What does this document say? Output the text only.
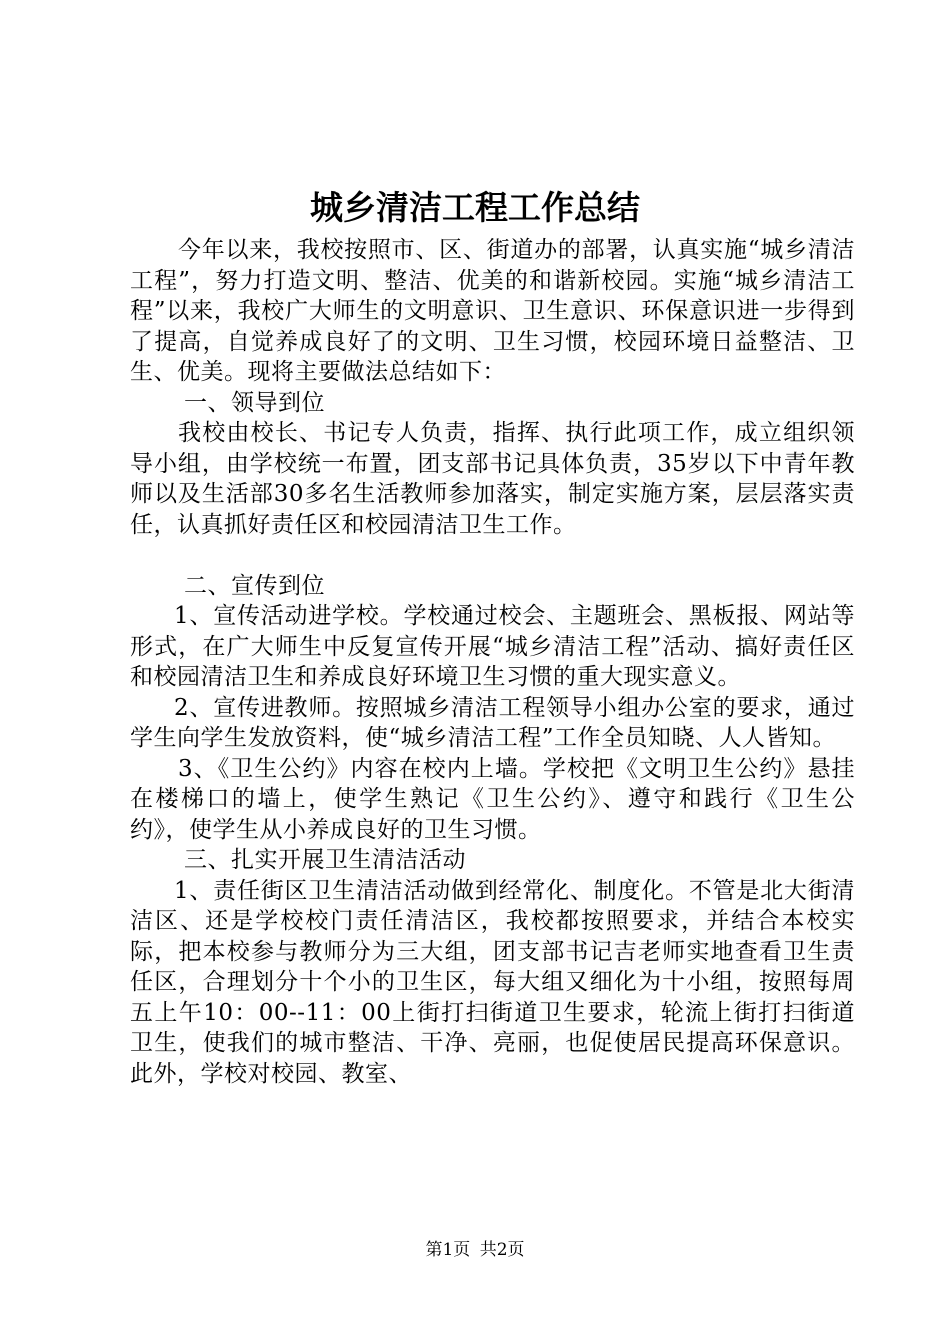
城乡清洁工程工作总结

今年以来，我校按照市、区、街道办的部署，认真实施“城乡清洁工程”，努力打造文明、整洁、优美的和谐新校园。实施“城乡清洁工程”以来，我校广大师生的文明意识、卫生意识、环保意识进一步得到了提高，自觉养成良好了的文明、卫生习惯，校园环境日益整洁、卫生、优美。现将主要做法总结如下：

一、领导到位

我校由校长、书记专人负责，指挥、执行此项工作，成立组织领导小组，由学校统一布置，团支部书记具体负责，35岁以下中青年教师以及生活部30多名生活教师参加落实，制定实施方案，层层落实责任，认真抓好责任区和校园清洁卫生工作。

二、宣传到位

1、宣传活动进学校。学校通过校会、主题班会、黑板报、网站等形式，在广大师生中反复宣传开展“城乡清洁工程”活动、搞好责任区和校园清洁卫生和养成良好环境卫生习惯的重大现实意义。

2、宣传进教师。按照城乡清洁工程领导小组办公室的要求，通过学生向学生发放资料，使“城乡清洁工程”工作全员知晓、人人皆知。

3、《卫生公约》内容在校内上墙。学校把《文明卫生公约》悬挂在楼梯口的墙上，使学生熟记《卫生公约》、遵守和践行《卫生公约》，使学生从小养成良好的卫生习惯。

三、扎实开展卫生清洁活动

1、责任街区卫生清洁活动做到经常化、制度化。不管是北大街清洁区、还是学校校门责任清洁区，我校都按照要求，并结合本校实际，把本校参与教师分为三大组，团支部书记吉老师实地查看卫生责任区，合理划分十个小的卫生区，每大组又细化为十小组，按照每周五上午10：00--11：00上街打扫街道卫生要求，轮流上街打扫街道卫生，使我们的城市整洁、干净、亮丽，也促使居民提高环保意识。此外，学校对校园、教室、

第1页 共2页
